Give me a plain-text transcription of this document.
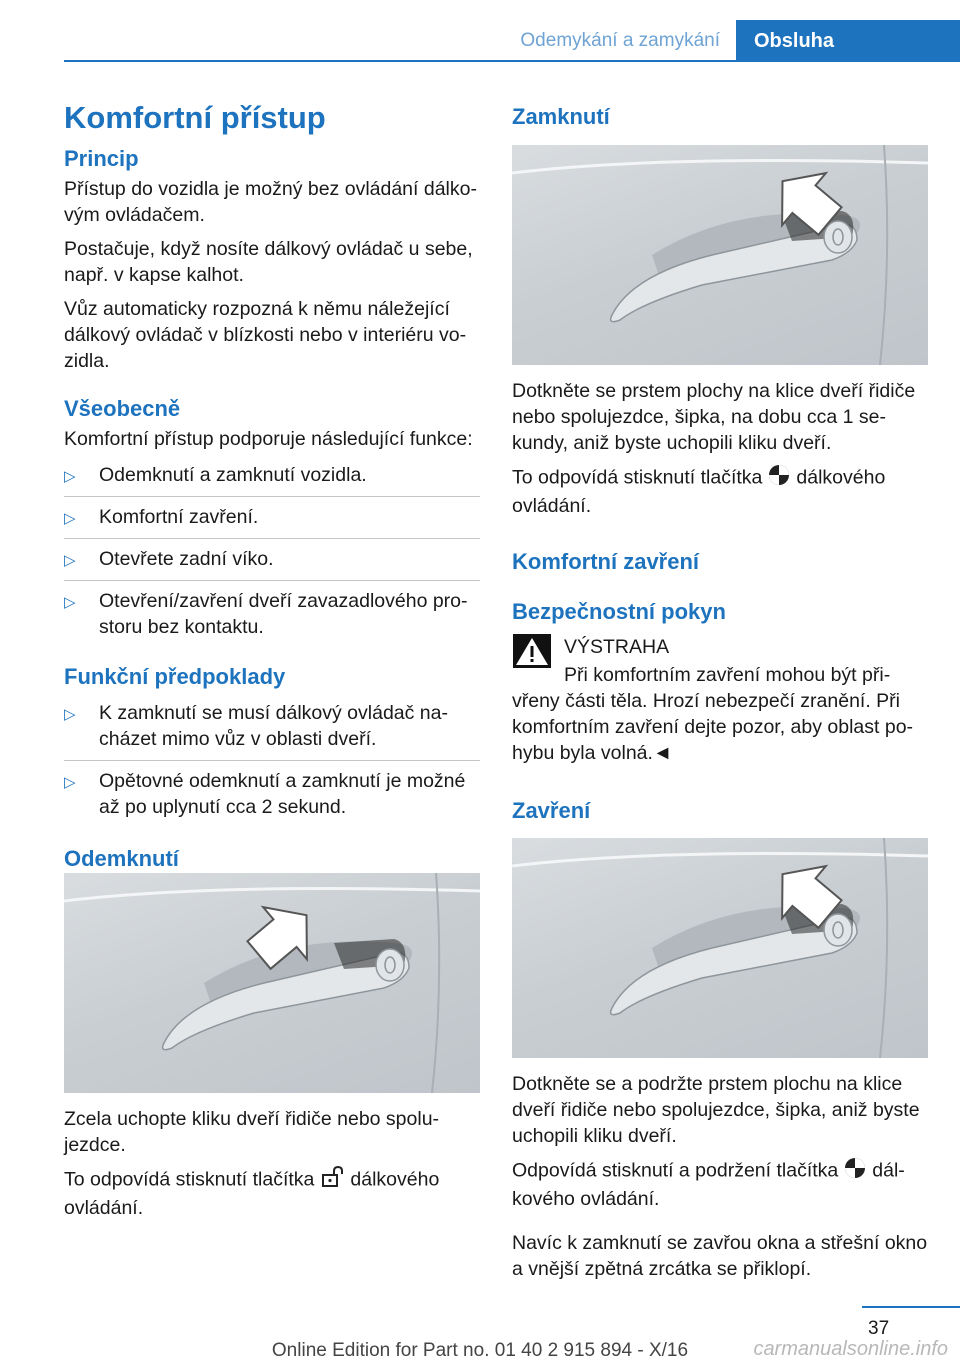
Odemykání a zamykání Obsluha
Komfortní přístup
Princip

Přístup do vozidla je možný bez ovládání dálko-vým ovládačem.

Postačuje, když nosíte dálkový ovládač u sebe, např. v kapse kalhot.

Vůz automaticky rozpozná k němu náležející dálkový ovládač v blízkosti nebo v interiéru vo-zidla.

Všeobecně

Komfortní přístup podporuje následující funkce:

▷ Odemknutí a zamknutí vozidla.
▷ Komfortní zavření.
▷ Otevřete zadní víko.
▷ Otevření/zavření dveří zavazadlového pro-storu bez kontaktu.
Funkční předpoklady
▷ K zamknutí se musí dálkový ovládač na-cházet mimo vůz v oblasti dveří.
▷ Opětovné odemknutí a zamknutí je možné až po uplynutí cca 2 sekund.
Odemknutí

Zcela uchopte kliku dveří řidiče nebo spolu-jezdce.

To odpovídá stisknutí tlačítka dálkového ovládání.

Zamknutí

Dotkněte se prstem plochy na klice dveří řidiče nebo spolujezdce, šipka, na dobu cca 1 se-kundy, aniž byste uchopili kliku dveří.

To odpovídá stisknutí tlačítka dálkového ovládání.

Komfortní zavření
Bezpečnostní pokyn
VÝSTRAHA

Při komfortním zavření mohou být při-vřeny části těla. Hrozí nebezpečí zranění. Při komfortním zavření dejte pozor, aby oblast po-hybu byla volná.◄

Zavření

Dotkněte se a podržte prstem plochu na klice dveří řidiče nebo spolujezdce, šipka, aniž byste uchopili kliku dveří.

Odpovídá stisknutí a podržení tlačítka dál-kového ovládání.

Navíc k zamknutí se zavřou okna a střešní okno a vnější zpětná zrcátka se přiklopí.

37
Online Edition for Part no. 01 40 2 915 894 - X/16	carmanualsonline.info
